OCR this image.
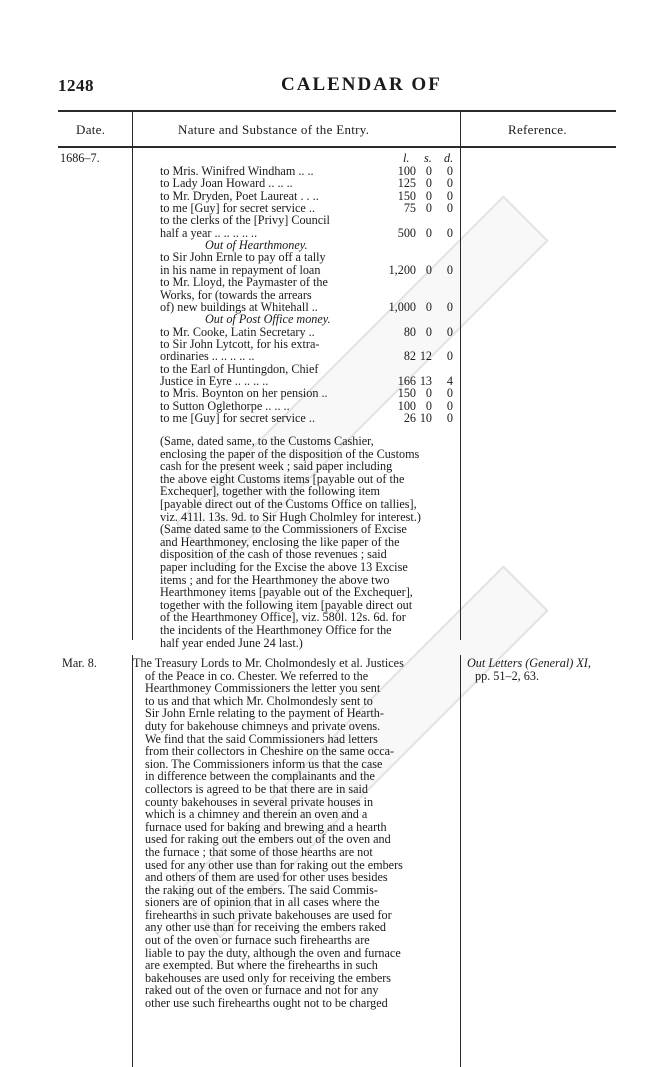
1248	CALENDAR OF
Date.	Nature and Substance of the Entry.	Reference.
1686–7.	l. s. d.
to Mris. Winifred Windham .. ..	100 0	0
to Lady Joan Howard .. .. ..	125 0	0
to Mr. Dryden, Poet Laureat . . ..	150 0	0
to me [Guy] for secret service ..	75 0	0
to the clerks of the [Privy] Council
half a year .. .. .. .. ..	500 0	0
Out of Hearthmoney.
to Sir John Ernle to pay off a tally
in his name in repayment of loan	1,200 0	0
to Mr. Lloyd, the Paymaster of the
Works, for (towards the arrears
of) new buildings at Whitehall ..	1,000 0	0
Out of Post Office money.
to Mr. Cooke, Latin Secretary ..	80 0	0
to Sir John Lytcott, for his extra-
ordinaries .. .. .. .. ..	82 12	0
to the Earl of Huntingdon, Chief
Justice in Eyre .. .. .. ..	166 13	4
to Mris. Boynton on her pension ..	150 0	0
to Sutton Oglethorpe .. .. ..	100 0	0
to me [Guy] for secret service ..	26 10	0
(Same, dated same, to the Customs Cashier,
enclosing the paper of the disposition of the Customs
cash for the present week ; said paper including
the above eight Customs items [payable out of the
Exchequer], together with the following item
[payable direct out of the Customs Office on tallies],
viz. 411l. 13s. 9d. to Sir Hugh Cholmley for interest.)
(Same dated same to the Commissioners of Excise
and Hearthmoney, enclosing the like paper of the
disposition of the cash of those revenues ; said
paper including for the Excise the above 13 Excise
items ; and for the Hearthmoney the above two
Hearthmoney items [payable out of the Exchequer],
together with the following item [payable direct out
of the Hearthmoney Office], viz. 580l. 12s. 6d. for
the incidents of the Hearthmoney Office for the
half year ended June 24 last.)
Mar. 8.	Out Letters (General) XI,
pp. 51–2, 63.
The Treasury Lords to Mr. Cholmondesly et al. Justices
of the Peace in co. Chester. We referred to the
Hearthmoney Commissioners the letter you sent
to us and that which Mr. Cholmondesly sent to
Sir John Ernle relating to the payment of Hearth-
duty for bakehouse chimneys and private ovens.
We find that the said Commissioners had letters
from their collectors in Cheshire on the same occa-
sion. The Commissioners inform us that the case
in difference between the complainants and the
collectors is agreed to be that there are in said
county bakehouses in several private houses in
which is a chimney and therein an oven and a
furnace used for baking and brewing and a hearth
used for raking out the embers out of the oven and
the furnace ; that some of those hearths are not
used for any other use than for raking out the embers
and others of them are used for other uses besides
the raking out of the embers. The said Commis-
sioners are of opinion that in all cases where the
firehearths in such private bakehouses are used for
any other use than for receiving the embers raked
out of the oven or furnace such firehearths are
liable to pay the duty, although the oven and furnace
are exempted. But where the firehearths in such
bakehouses are used only for receiving the embers
raked out of the oven or furnace and not for any
other use such firehearths ought not to be charged
